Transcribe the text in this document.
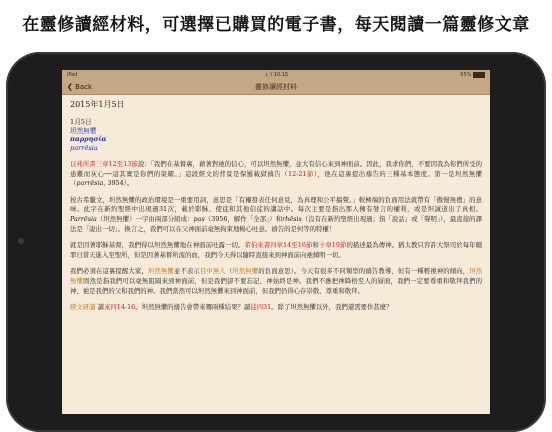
在靈修讀經材料，可選擇已購買的電子書，每天閱讀一篇靈修文章
iPad	上午10:15	95%
❮ Back	靈修讀經材料
2015年1月5日
1月5日
坦然無懼
παρρησία
parrēsia

以弗所書三章12至13節說：「我們在基督裏，藉著對祂的信心，可以坦然無懼，並大有信心來到神面前。因此，我求你們，不要因我為你們所受的患難而灰心──這其實是你們的榮耀。」這段經文的背景是保羅載獄禱告（12-21節），他在這裏提出禱告的三種基本態度。第一是坦然無懼（parrēsia, 3954）。

按古希臘文，坦然無懼的政治環境是一重要用詞，意思是「有權發表任何意見，為真理和公平搞聲。」較極端的負面用法就帶有「傲慢無禮」的意味。此字在新約聖經中出現過31次，載於耶穌、使徒和其他信徒的講話中。每次主要是指出那人擁有發言的權利，或是坦誠道出了真相。Parrēsia（坦然無懼）一字由兩部分組成：pas（3956，解作「全部」）和rhēsis（沒有在新約聖經出現過；指「說話」或「聲明」），最直接的譯法是「說出一切」。換言之，我們可以在父神面前毫無拘束地暢心吐意。禱告的是何等的特權！

就是因著耶穌基督，我們得以坦然無懼地在神面前吐露一切。希伯來書四章14至16節和十章19節的描述最為傳神。猶太教只容許大祭司於每年贖罪日當天進入至聖所，但是因著基督所流的血，我們今天得以隨時直接來到神面前向祂傾明一切。

我們必須在這裏提醒大家，坦然無懼並不表示目中無人（坦然無懼的負面意思）。今天有很多不同類型的禱告教導，但有一種輕視神的傾向，坦然無懼固然是指我們可以毫無阻隔來到神面前，但是我們卻不要忘記，神始終是神。我們不應把神降格至人的層面，我們一定要尊重和敬拜我們的神，祂是我們的父和我們的神。我們當然可以坦然無懼來到神面前，但我們仍得心存崇敬、尊重和敬拜。

經文研讀 讀來四14-16。坦然無懼的禱告會帶來哪兩種結果？讀徒四31。除了坦然無懼以外，我們還需要作甚麼？
